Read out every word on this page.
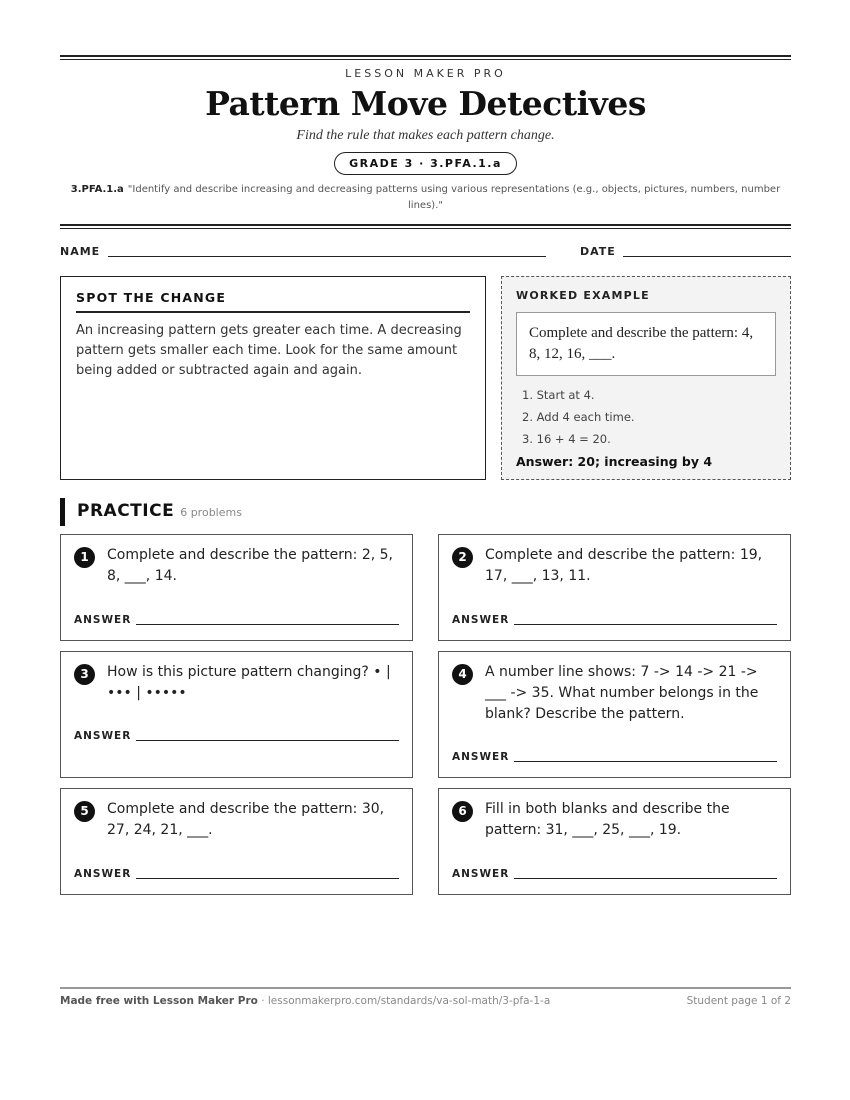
LESSON MAKER PRO
Pattern Move Detectives
Find the rule that makes each pattern change.
GRADE 3 · 3.PFA.1.a
3.PFA.1.a "Identify and describe increasing and decreasing patterns using various representations (e.g., objects, pictures, numbers, number lines)."
NAME	DATE
SPOT THE CHANGE

An increasing pattern gets greater each time. A decreasing pattern gets smaller each time. Look for the same amount being added or subtracted again and again.

WORKED EXAMPLE
Complete and describe the pattern: 4, 8, 12, 16, ___.
1. Start at 4.
2. Add 4 each time.
3. 16 + 4 = 20.
Answer: 20; increasing by 4
PRACTICE 6 problems
1	Complete and describe the pattern: 2, 5, 8, ___, 14.
ANSWER
2	Complete and describe the pattern: 19, 17, ___, 13, 11.
ANSWER
3	How is this picture pattern changing? • | ••• | •••••
ANSWER
4	A number line shows: 7 -> 14 -> 21 -> ___ -> 35. What number belongs in the blank? Describe the pattern.
ANSWER
5	Complete and describe the pattern: 30, 27, 24, 21, ___.
ANSWER
6	Fill in both blanks and describe the pattern: 31, ___, 25, ___, 19.
ANSWER
Made free with Lesson Maker Pro · lessonmakerpro.com/standards/va-sol-math/3-pfa-1-a	Student page 1 of 2
